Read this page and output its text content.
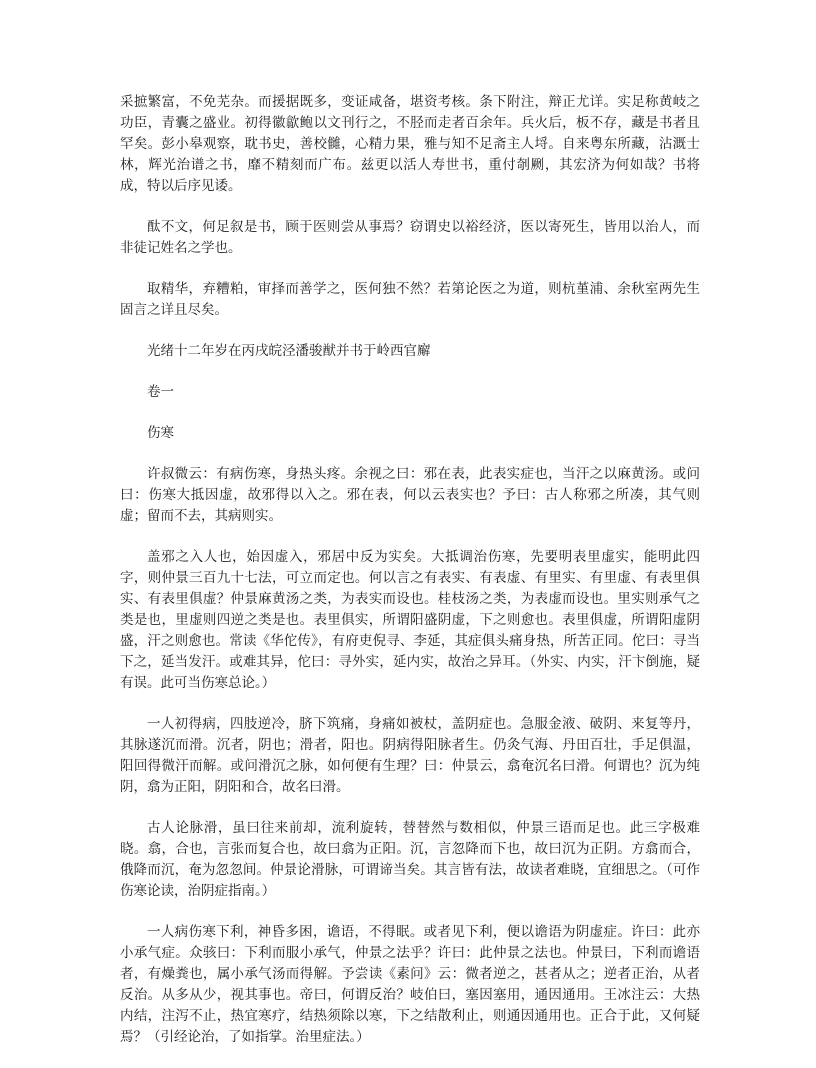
采摭繁富，不免芜杂。而援据既多，变证咸备，堪资考核。条下附注，辩正尤详。实足称黄岐之功臣，青囊之盛业。初得徽歙鲍以文刊行之，不胫而走者百余年。兵火后，板不存，藏是书者且罕矣。彭小皋观察，耽书史，善校雠，心精力果，雅与知不足斋主人埒。自来粤东所藏，沾溉士林，辉光治谱之书，靡不精刻而广布。兹更以活人寿世书，重付剞劂，其宏济为何如哉？书将成，特以后序见诿。

酞不文，何足叙是书，顾于医则尝从事焉？窃谓史以裕经济，医以寄死生，皆用以治人，而非徒记姓名之学也。

取精华，弃糟粕，审择而善学之，医何独不然？若第论医之为道，则杭堇浦、余秋室两先生固言之详且尽矣。

光绪十二年岁在丙戌皖泾潘骏猷并书于岭西官廨

卷一

伤寒

许叔微云：有病伤寒，身热头疼。余视之曰：邪在表，此表实症也，当汗之以麻黄汤。或问曰：伤寒大抵因虚，故邪得以入之。邪在表，何以云表实也？予曰：古人称邪之所凑，其气则虚；留而不去，其病则实。

盖邪之入人也，始因虚入，邪居中反为实矣。大抵调治伤寒，先要明表里虚实，能明此四字，则仲景三百九十七法，可立而定也。何以言之有表实、有表虚、有里实、有里虚、有表里俱实、有表里俱虚？仲景麻黄汤之类，为表实而设也。桂枝汤之类，为表虚而设也。里实则承气之类是也，里虚则四逆之类是也。表里俱实，所谓阳盛阴虚，下之则愈也。表里俱虚，所谓阳虚阴盛，汗之则愈也。常读《华佗传》，有府吏倪寻、李延，其症俱头痛身热，所苦正同。佗曰：寻当下之，延当发汗。或难其异，佗曰：寻外实，延内实，故治之异耳。（外实、内实，汗卞倒施，疑有误。此可当伤寒总论。）

一人初得病，四肢逆冷，脐下筑痛，身痛如被杖，盖阴症也。急服金液、破阴、来复等丹，其脉遂沉而滑。沉者，阴也；滑者，阳也。阴病得阳脉者生。仍灸气海、丹田百壮，手足倶温，阳回得微汗而解。或问滑沉之脉，如何便有生理？曰：仲景云，翕奄沉名曰滑。何谓也？沉为纯阴，翕为正阳，阴阳和合，故名曰滑。

古人论脉滑，虽曰往来前却，流利旋转，替替然与数相似，仲景三语而足也。此三字极难晓。翕，合也，言张而复合也，故曰翕为正阳。沉，言忽降而下也，故曰沉为正阴。方翕而合，俄降而沉，奄为忽忽间。仲景论滑脉，可谓谛当矣。其言皆有法，故读者难晓，宜细思之。（可作伤寒论读，治阴症指南。）

一人病伤寒下利，神昏多困，谵语，不得眠。或者见下利，便以谵语为阴虚症。许曰：此亦小承气症。众骇曰：下利而服小承气，仲景之法乎？许曰：此仲景之法也。仲景曰，下利而谵语者，有燥粪也，属小承气汤而得解。予尝读《素问》云：微者逆之，甚者从之；逆者正治，从者反治。从多从少，视其事也。帝曰，何谓反治？岐伯曰，塞因塞用，通因通用。王冰注云：大热内结，注泻不止，热宜寒疗，结热须除以寒，下之结散利止，则通因通用也。正合于此，又何疑焉？（引经论治，了如指掌。治里症法。）
